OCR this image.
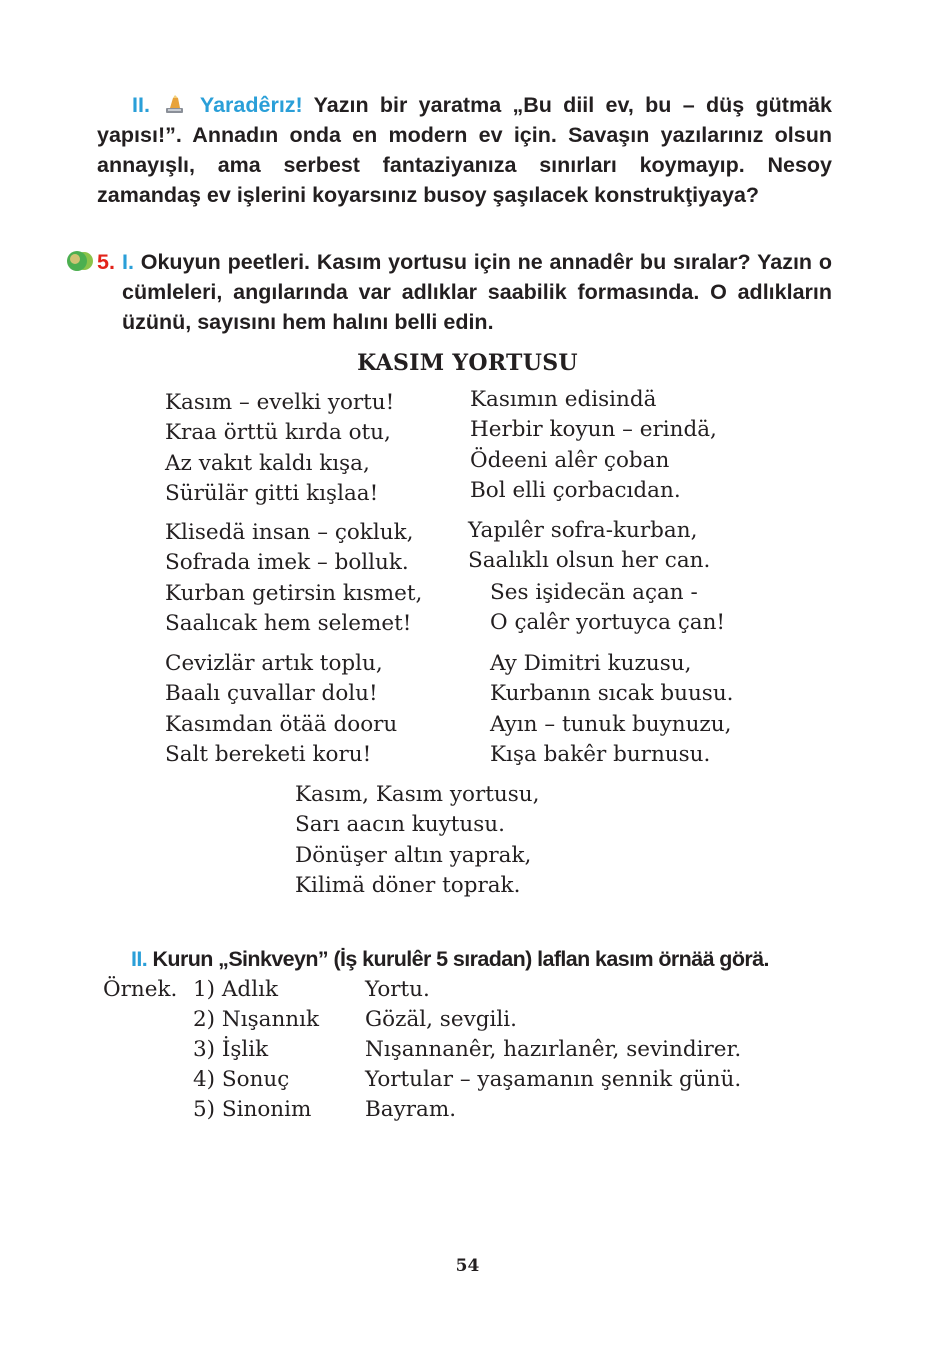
II. Yaradêrız! Yazın bir yaratma „Bu diil ev, bu – düş gütmäk yapısı!”. Annadın onda en modern ev için. Savaşın yazılarınız olsun annayışlı, ama serbest fantaziyanıza sınırları koymayıp. Nesoy zamandaş ev işlerini koyarsınız busoy şaşılacek konstrukţiyaya?

5. I. Okuyun peetleri. Kasım yortusu için ne annadêr bu sıralar? Yazın o cümleleri, angılarında var adlıklar saabilik formasında. O adlıkların üzünü, sayısını hem halını belli edin.

KASIM YORTUSU
Kasım – evelki yortu!
Kraa örttü kırda otu,
Az vakıt kaldı kışa,
Sürülär gitti kışlaa!
Kasımın edisindä
Herbir koyun – erindä,
Ödeeni alêr çoban
Bol elli çorbacıdan.
Klisedä insan – çokluk,
Sofrada imek – bolluk.
Kurban getirsin kısmet,
Saalıcak hem selemet!
Yapılêr sofra-kurban,
Saalıklı olsun her can.
Ses işidecän açan -
O çalêr yortuyca çan!
Cevizlär artık toplu,
Baalı çuvallar dolu!
Kasımdan ötää dooru
Salt bereketi koru!
Ay Dimitri kuzusu,
Kurbanın sıcak buusu.
Ayın – tunuk buynuzu,
Kışa bakêr burnusu.
Kasım, Kasım yortusu,
Sarı aacın kuytusu.
Dönüşer altın yaprak,
Kilimä döner toprak.
II. Kurun „Sinkveyn” (İş kurulêr 5 sıradan) laflan kasım örnää görä.
Örnek. 1) Adlık
2) Nışannık
3) İşlik
4) Sonuç
5) Sinonim
Yortu.
Gözäl, sevgili.
Nışannanêr, hazırlanêr, sevindirer.
Yortular – yaşamanın şennik günü.
Bayram.
54
